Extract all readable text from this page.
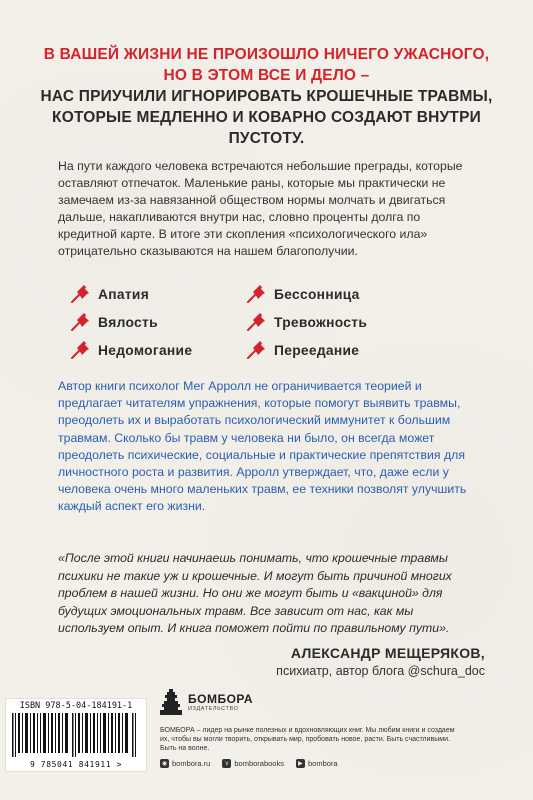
В ВАШЕЙ ЖИЗНИ НЕ ПРОИЗОШЛО НИЧЕГО УЖАСНОГО, НО В ЭТОМ ВСЕ И ДЕЛО –
НАС ПРИУЧИЛИ ИГНОРИРОВАТЬ КРОШЕЧНЫЕ ТРАВМЫ, КОТОРЫЕ МЕДЛЕННО И КОВАРНО СОЗДАЮТ ВНУТРИ ПУСТОТУ.
На пути каждого человека встречаются небольшие преграды, которые оставляют отпечаток. Маленькие раны, которые мы практически не замечаем из-за навязанной обществом нормы молчать и двигаться дальше, накапливаются внутри нас, словно проценты долга по кредитной карте. В итоге эти скопления «психологического ила» отрицательно сказываются на нашем благополучии.
Апатия	Бессонница
Вялость	Тревожность
Недомогание	Переедание
Автор книги психолог Мег Арролл не ограничивается теорией и предлагает читателям упражнения, которые помогут выявить травмы, преодолеть их и выработать психологический иммунитет к большим травмам. Сколько бы травм у человека ни было, он всегда может преодолеть психические, социальные и практические препятствия для личностного роста и развития. Арролл утверждает, что, даже если у человека очень много маленьких травм, ее техники позволят улучшить каждый аспект его жизни.
«После этой книги начинаешь понимать, что крошечные травмы психики не такие уж и крошечные. И могут быть причиной многих проблем в нашей жизни. Но они же могут быть и «вакциной» для будущих эмоциональных травм. Все зависит от нас, как мы используем опыт. И книга поможет пойти по правильному пути».
АЛЕКСАНДР МЕЩЕРЯКОВ,
психиатр, автор блога @schura_doc
ISBN 978-5-04-184191-1
9 785041 841911 >
БОМБОРА
ИЗДАТЕЛЬСТВО
БОМБОРА – лидер на рынке полезных и вдохновляющих книг. Мы любим книги и создаем их, чтобы вы могли творить, открывать мир, пробовать новое, расти. Быть счастливыми. Быть на волне.
◉ bombora.ru	v bomborabooks	▶ bombora
